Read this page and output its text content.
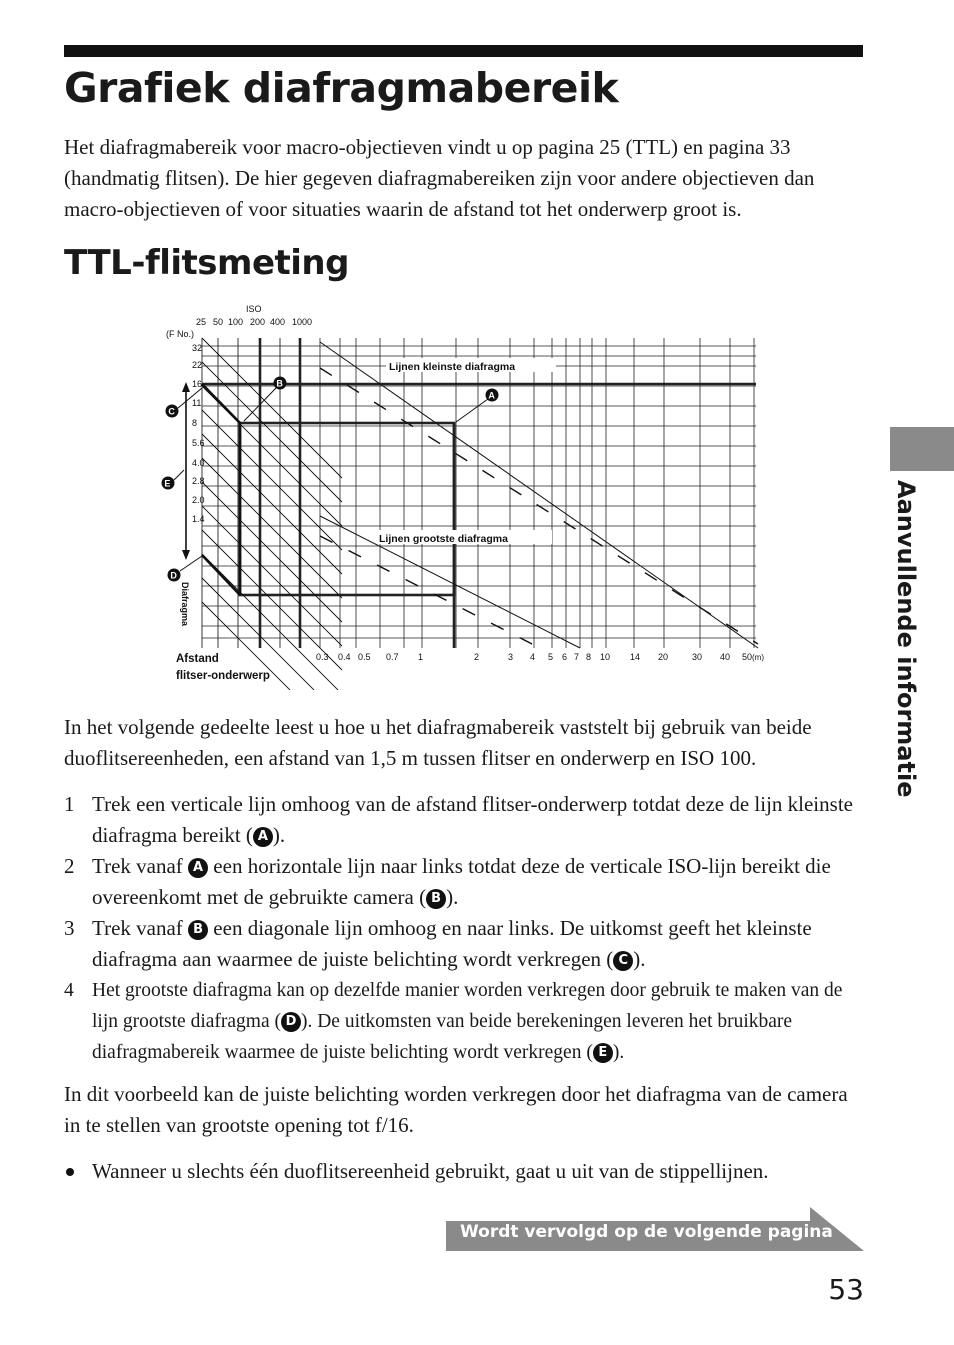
Grafiek diafragmabereik

Het diafragmabereik voor macro-objectieven vindt u op pagina 25 (TTL) en pagina 33 (handmatig flitsen). De hier gegeven diafragmabereiken zijn voor andere objectieven dan macro-objectieven of voor situaties waarin de afstand tot het onderwerp groot is.

TTL-flitsmeting
Aanvullende informatie
ISO
25 50 100 200 400 1000
(F No.)
32
22
16
11
8
5.6
4.0
2.8
2.0
1.4
0.3 0.4 0.5 0.7 1	2	3 4 5 6 7 8 10 14 20	30 40 50 (m)
Lijnen kleinste diafragma
Lijnen grootste diafragma
Diafragma
Afstand
flitser-onderwerp
A
B
C
D
E

In het volgende gedeelte leest u hoe u het diafragmabereik vaststelt bij gebruik van beide duoflitsereenheden, een afstand van 1,5 m tussen flitser en onderwerp en ISO 100.

1 Trek een verticale lijn omhoog van de afstand flitser-onderwerp totdat deze de lijn kleinste diafragma bereikt ( A ).
2 Trek vanaf A een horizontale lijn naar links totdat deze de verticale ISO-lijn bereikt die overeenkomt met de gebruikte camera ( B ).
3 Trek vanaf B een diagonale lijn omhoog en naar links. De uitkomst geeft het kleinste diafragma aan waarmee de juiste belichting wordt verkregen ( C ).
4 Het grootste diafragma kan op dezelfde manier worden verkregen door gebruik te maken van de lijn grootste diafragma ( D ). De uitkomsten van beide berekeningen leveren het bruikbare diafragmabereik waarmee de juiste belichting wordt verkregen ( E ).

In dit voorbeeld kan de juiste belichting worden verkregen door het diafragma van de camera in te stellen van grootste opening tot f/16.

Wanneer u slechts één duoflitsereenheid gebruikt, gaat u uit van de stippellijnen.
Wordt vervolgd op de volgende pagina
53
